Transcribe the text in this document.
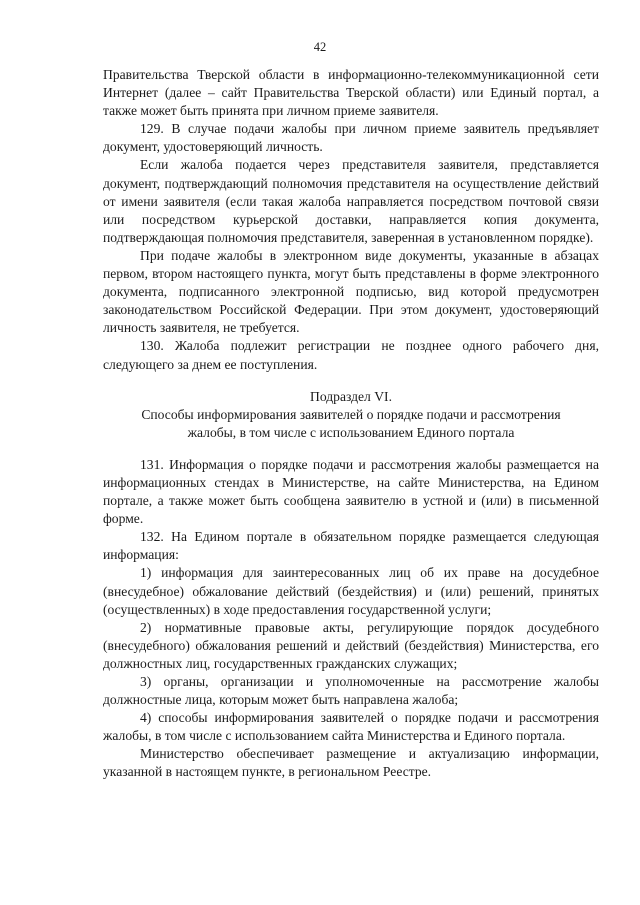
42

Правительства Тверской области в информационно-телекоммуникационной сети Интернет (далее – сайт Правительства Тверской области) или Единый портал, а также может быть принята при личном приеме заявителя.

129. В случае подачи жалобы при личном приеме заявитель предъявляет документ, удостоверяющий личность.

Если жалоба подается через представителя заявителя, представляется документ, подтверждающий полномочия представителя на осуществление действий от имени заявителя (если такая жалоба направляется посредством почтовой связи или посредством курьерской доставки, направляется копия документа, подтверждающая полномочия представителя, заверенная в установленном порядке).

При подаче жалобы в электронном виде документы, указанные в абзацах первом, втором настоящего пункта, могут быть представлены в форме электронного документа, подписанного электронной подписью, вид которой предусмотрен законодательством Российской Федерации. При этом документ, удостоверяющий личность заявителя, не требуется.

130. Жалоба подлежит регистрации не позднее одного рабочего дня, следующего за днем ее поступления.

Подраздел VI.

Способы информирования заявителей о порядке подачи и рассмотрения

жалобы, в том числе с использованием Единого портала

131. Информация о порядке подачи и рассмотрения жалобы размещается на информационных стендах в Министерстве, на сайте Министерства, на Едином портале, а также может быть сообщена заявителю в устной и (или) в письменной форме.

132. На Едином портале в обязательном порядке размещается следующая информация:

1) информация для заинтересованных лиц об их праве на досудебное (внесудебное) обжалование действий (бездействия) и (или) решений, принятых (осуществленных) в ходе предоставления государственной услуги;

2) нормативные правовые акты, регулирующие порядок досудебного (внесудебного) обжалования решений и действий (бездействия) Министерства, его должностных лиц, государственных гражданских служащих;

3) органы, организации и уполномоченные на рассмотрение жалобы должностные лица, которым может быть направлена жалоба;

4) способы информирования заявителей о порядке подачи и рассмотрения жалобы, в том числе с использованием сайта Министерства и Единого портала.

Министерство обеспечивает размещение и актуализацию информации, указанной в настоящем пункте, в региональном Реестре.
